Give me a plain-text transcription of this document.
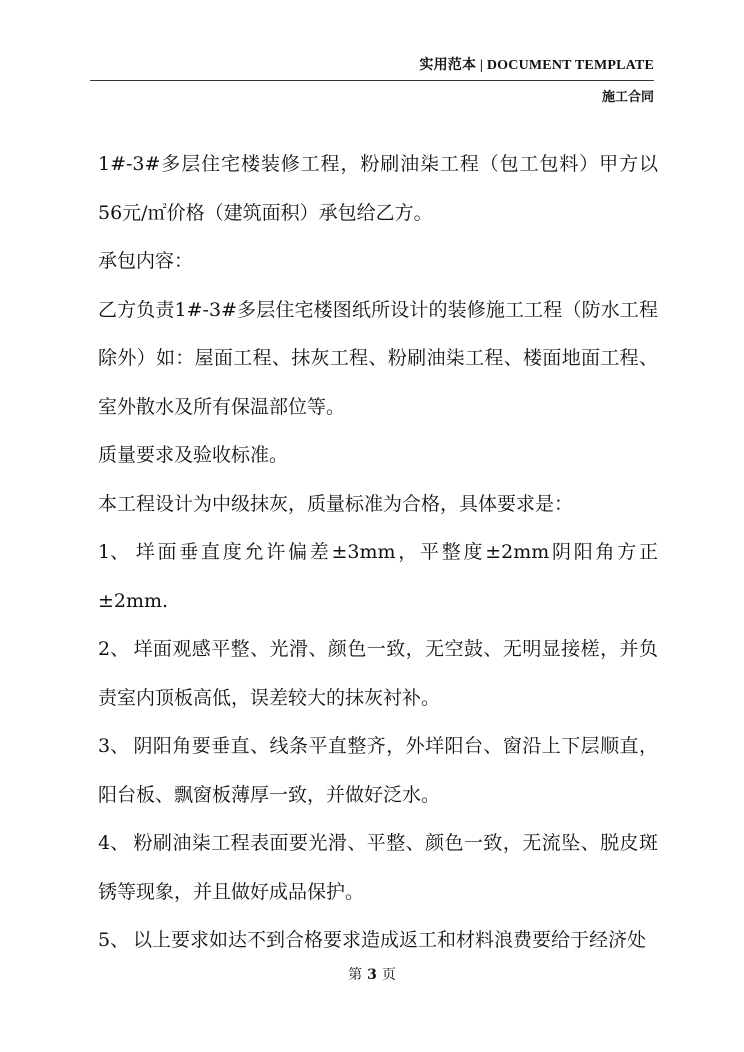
实用范本 | DOCUMENT TEMPLATE
施工合同

1#-3#多层住宅楼装修工程，粉刷油柒工程（包工包料）甲方以56元/㎡价格（建筑面积）承包给乙方。

承包内容：

乙方负责1#-3#多层住宅楼图纸所设计的装修施工工程（防水工程除外）如：屋面工程、抹灰工程、粉刷油柒工程、楼面地面工程、室外散水及所有保温部位等。

质量要求及验收标准。

本工程设计为中级抹灰，质量标准为合格，具体要求是：

1、 垟面垂直度允许偏差±3mm，平整度±2mm阴阳角方正±2mm.

2、 垟面观感平整、光滑、颜色一致，无空鼓、无明显接槎，并负责室内顶板高低，误差较大的抹灰衬补。

3、 阴阳角要垂直、线条平直整齐，外垟阳台、窗沿上下层顺直，阳台板、飘窗板薄厚一致，并做好泛水。

4、 粉刷油柒工程表面要光滑、平整、颜色一致，无流坠、脱皮斑锈等现象，并且做好成品保护。

5、 以上要求如达不到合格要求造成返工和材料浪费要给于经济处

第 3 页
